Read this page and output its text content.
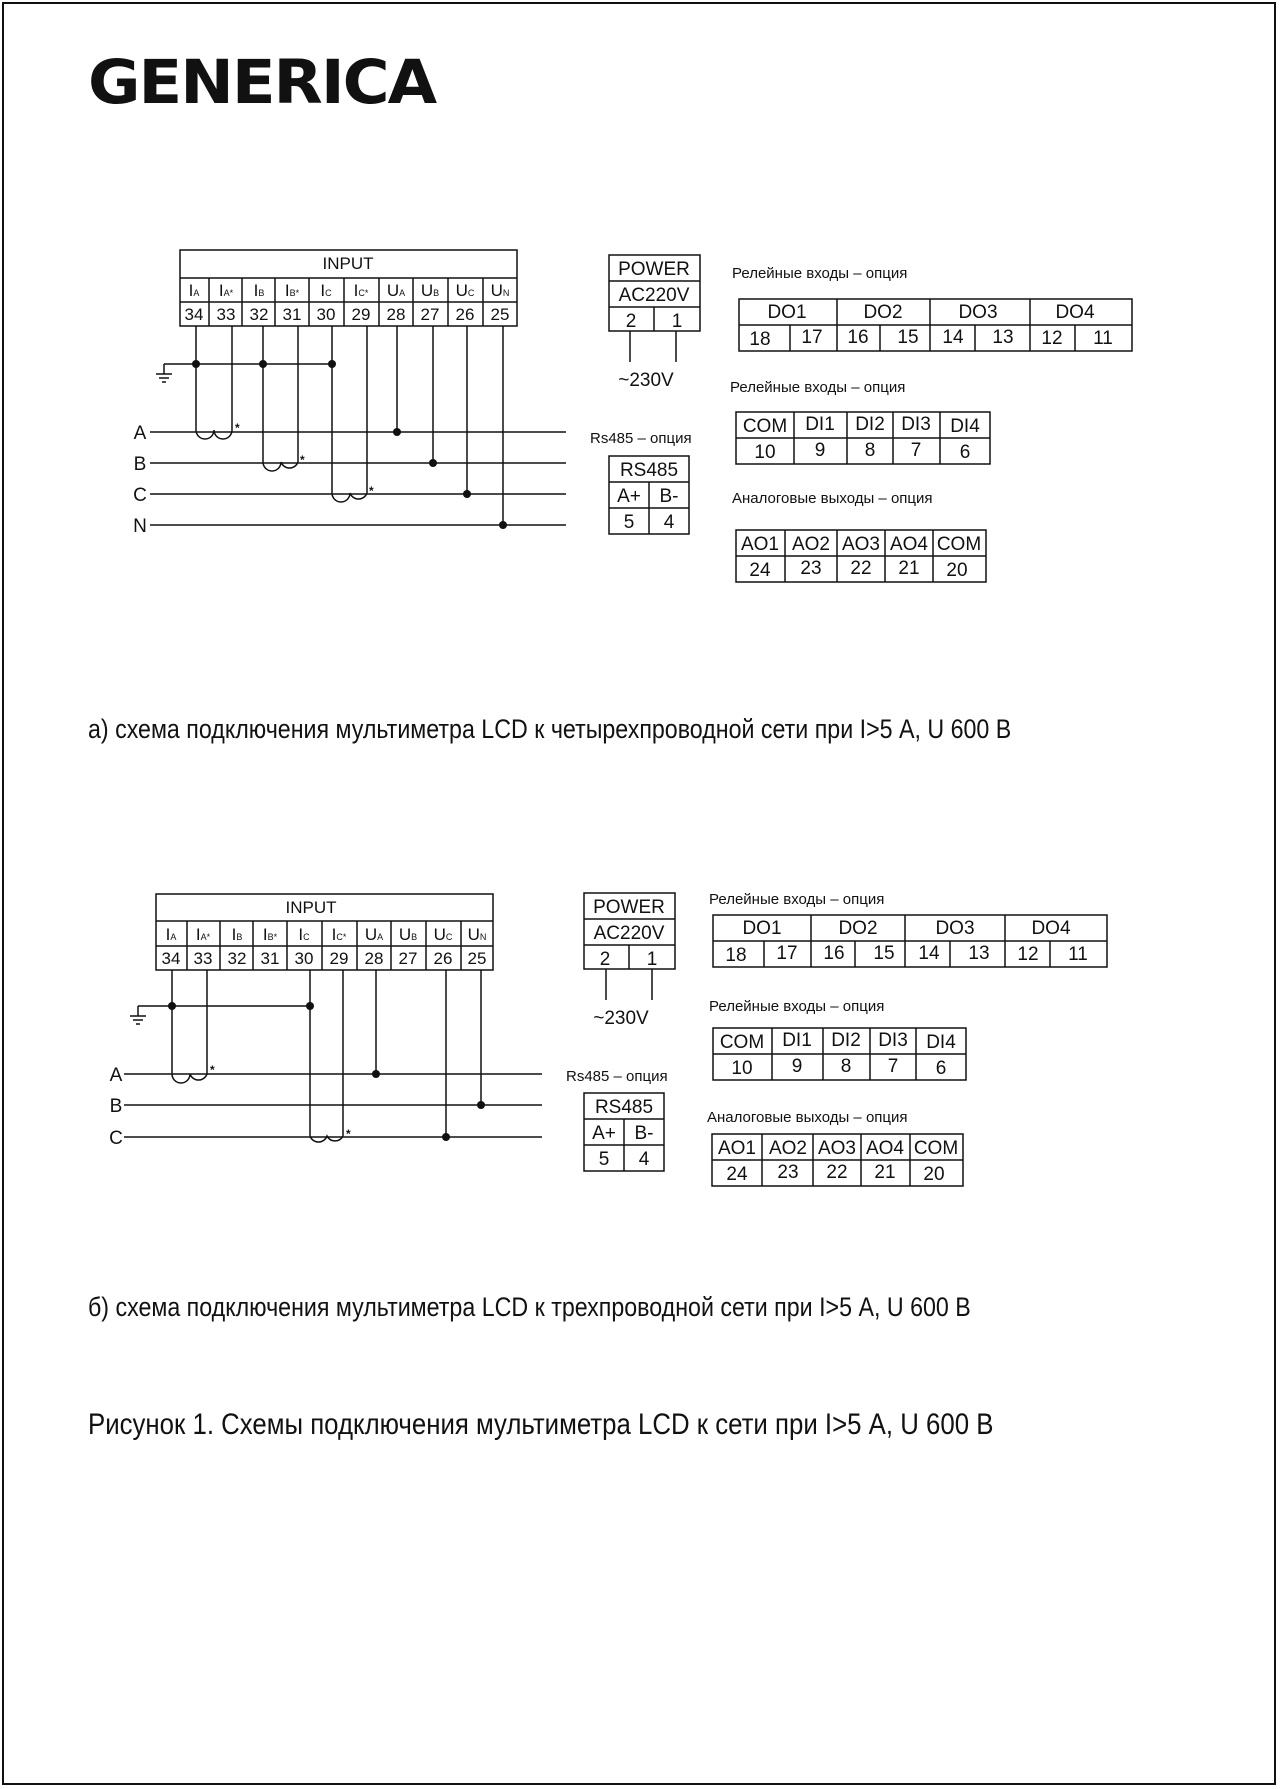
GENERICA
*
*
*
INPUT
IA IA* IB IB* IC IC* UA UB UC UN
34 33 32 31 30 29 28 27 26 25
A
B
C
N
POWER
AC220V
2 1
~230V
RS485
A+ B-
5 4
DO1	DO2	DO3	DO4
18 17 16 15 14 13 12 11
COM DI1 DI2 DI3 DI4
10 9 8 7 6
AO1 AO2 AO3 AO4 COM
24 23 22 21 20
Rs485 – опция
Релейные входы – опция
Релейные входы – опция
Аналоговые выходы – опция
а) схема подключения мультиметра LCD к четырехпроводной сети при I>5 А, U 600 В
*
*
INPUT
IA IA* IB IB* IC IC* UA UB UC UN
34 33 32 31 30 29 28 27 26 25
A
B
C
POWER
AC220V
2 1
~230V
RS485
A+ B-
5 4
DO1	DO2	DO3	DO4
18 17 16 15 14 13 12 11
COM DI1 DI2 DI3 DI4
10 9 8 7 6
AO1 AO2 AO3 AO4 COM
24 23 22 21 20
Rs485 – опция
Релейные входы – опция
Релейные входы – опция
Аналоговые выходы – опция
б) схема подключения мультиметра LCD к трехпроводной сети при I>5 А, U 600 В
Рисунок 1. Схемы подключения мультиметра LCD к сети при I>5 А, U 600 В
